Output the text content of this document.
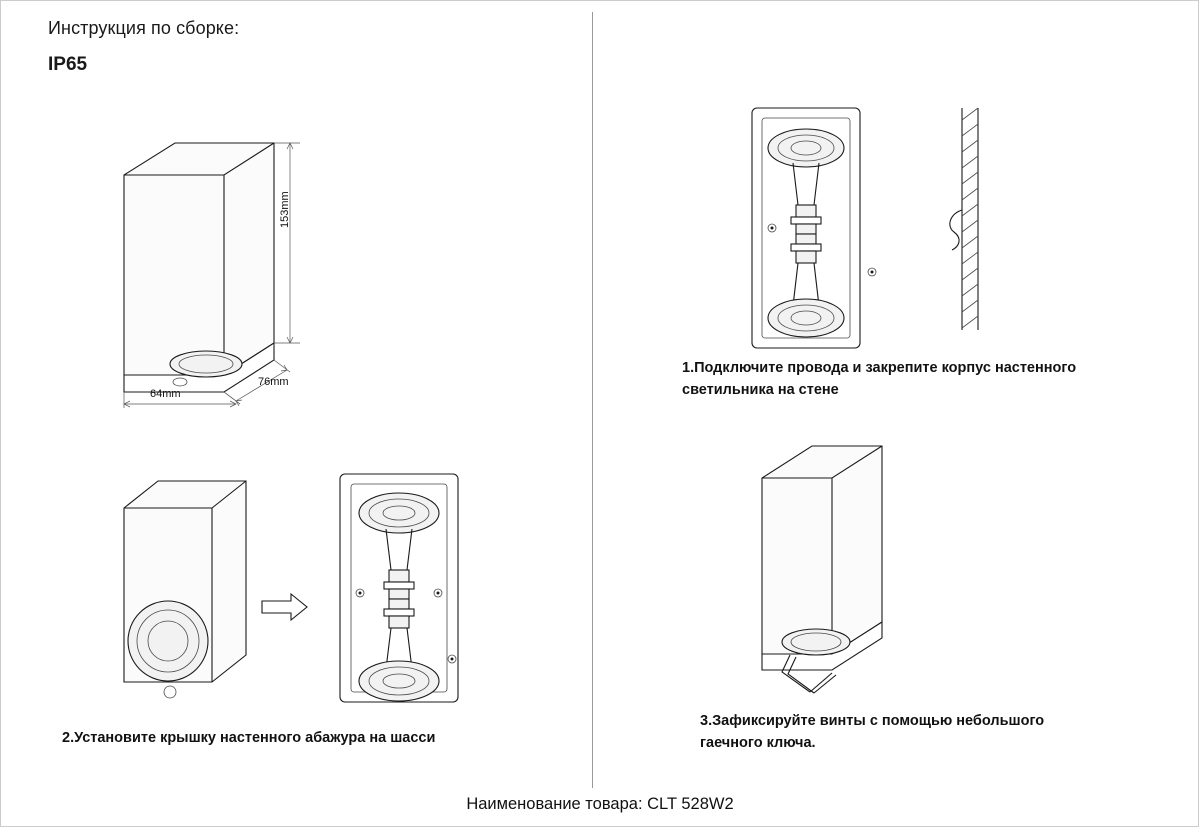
Инструкция по сборке:
IP65
153mm
76mm
64mm
1.Подключите провода и закрепите корпус настенного светильника на стене
2.Установите крышку настенного абажура на шасси
3.Зафиксируйте винты с помощью небольшого гаечного ключа.
Наименование товара: CLT 528W2
